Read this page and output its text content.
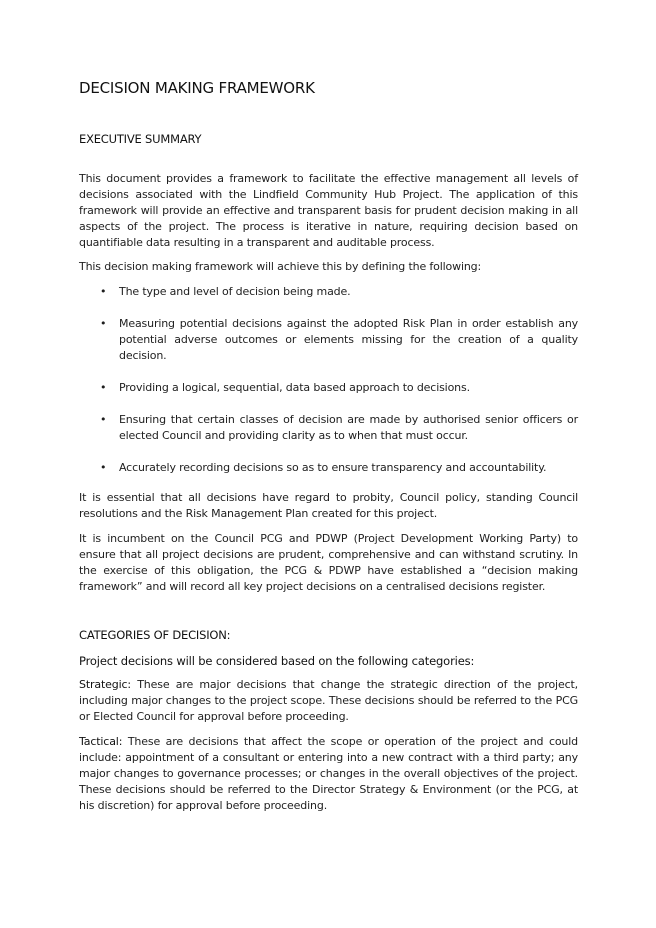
DECISION MAKING FRAMEWORK
EXECUTIVE SUMMARY

This document provides a framework to facilitate the effective management all levels of decisions associated with the Lindfield Community Hub Project. The application of this framework will provide an effective and transparent basis for prudent decision making in all aspects of the project. The process is iterative in nature, requiring decision based on quantifiable data resulting in a transparent and auditable process.

This decision making framework will achieve this by defining the following:

• The type and level of decision being made.
• Measuring potential decisions against the adopted Risk Plan in order establish any potential adverse outcomes or elements missing for the creation of a quality decision.
• Providing a logical, sequential, data based approach to decisions.
• Ensuring that certain classes of decision are made by authorised senior officers or elected Council and providing clarity as to when that must occur.
• Accurately recording decisions so as to ensure transparency and accountability.

It is essential that all decisions have regard to probity, Council policy, standing Council resolutions and the Risk Management Plan created for this project.

It is incumbent on the Council PCG and PDWP (Project Development Working Party) to ensure that all project decisions are prudent, comprehensive and can withstand scrutiny. In the exercise of this obligation, the PCG & PDWP have established a “decision making framework” and will record all key project decisions on a centralised decisions register.

CATEGORIES OF DECISION:

Project decisions will be considered based on the following categories:

Strategic: These are major decisions that change the strategic direction of the project, including major changes to the project scope. These decisions should be referred to the PCG or Elected Council for approval before proceeding.

Tactical: These are decisions that affect the scope or operation of the project and could include: appointment of a consultant or entering into a new contract with a third party; any major changes to governance processes; or changes in the overall objectives of the project. These decisions should be referred to the Director Strategy & Environment (or the PCG, at his discretion) for approval before proceeding.
